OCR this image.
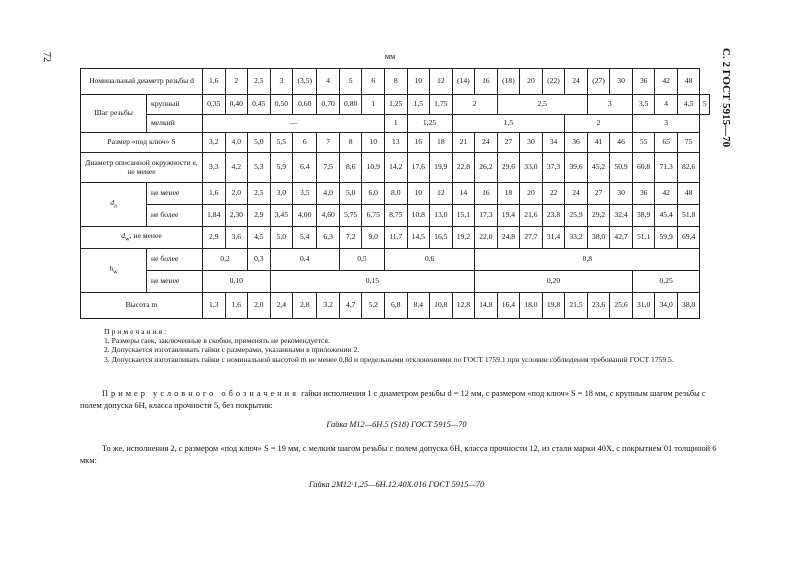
72	С. 2 ГОСТ 5915—70
мм
Номинальный диаметр резьбы d		1,6	2	2,5	3	(3,5)	4	5	6	8	10	12	(14)	16	(18)	20	(22)	24	(27)	30	36	42	48	
Шаг резьбы	крупный	0,35	0,40	0,45	0,50	0,60	0,70	0,80	1	1,25	1,5	1,75	2		2,5				3		3,5	4	4,5	5
	мелкий	—								1	1,25		1,5					2			3			
Размер «под ключ» S		3,2	4,0	5,0	5,5	6	7	8	10	13	16	18	21	24	27	30	34	36	41	46	55	65	75	
Диаметр описанной окружности e, не менее		3,3	4,2	5,3	5,9	6,4	7,5	8,6	10,9	14,2	17,6	19,9	22,8	26,2	29,6	33,0	37,3	39,6	45,2	50,9	60,8	71,3	82,6	
$d_a$	не менее	1,6	2,0	2,5	3,0	3,5	4,0	5,0	6,0	8,0	10	12	14	16	18	20	22	24	27	30	36	42	48	
	не более	1,84	2,30	2,9	3,45	4,00	4,60	5,75	6,75	8,75	10,8	13,0	15,1	17,3	19,4	21,6	23,8	25,9	29,2	32,4	38,9	45,4	51,8	
$d_w$, не менее		2,9	3,6	4,5	5,0	5,4	6,3	7,2	9,0	11,7	14,5	16,5	19,2	22,0	24,8	27,7	31,4	33,2	38,0	42,7	51,1	59,9	69,4	
$h_w$	не более	0,2		0,3	0,4			0,5		0,6				0,8										
	не менее	0,10			0,15									0,20							0,25			
Высота m		1,3	1,6	2,0	2,4	2,8	3,2	4,7	5,2	6,8	8,4	10,8	12,8	14,8	16,4	18,0	19,8	21,5	23,6	25,6	31,0	34,0	38,0	
Примечания:
1. Размеры гаек, заключенные в скобки, применять не рекомендуется.
2. Допускается изготавливать гайки с размерами, указанными в приложении 2.
3. Допускается изготавливать гайки с номинальной высотой m не менее 0,8d и предельными отклонениями по ГОСТ 1759.1 при условии соблюдения требований ГОСТ 1759.5.
Пример условного обозначения гайки исполнения 1 с диаметром резьбы d = 12 мм, с размером «под ключ» S = 18 мм, с крупным шагом резьбы с полем допуска 6Н, класса прочности 5, без покрытия:
Гайка М12—6Н.5 (S18) ГОСТ 5915—70
То же, исполнения 2, с размером «под ключ» S = 19 мм, с мелким шагом резьбы с полем допуска 6Н, класса прочности 12, из стали марки 40Х, с покрытием 01 толщиной 6 мкм:
Гайка 2М12·1,25—6Н.12.40Х.016 ГОСТ 5915—70
